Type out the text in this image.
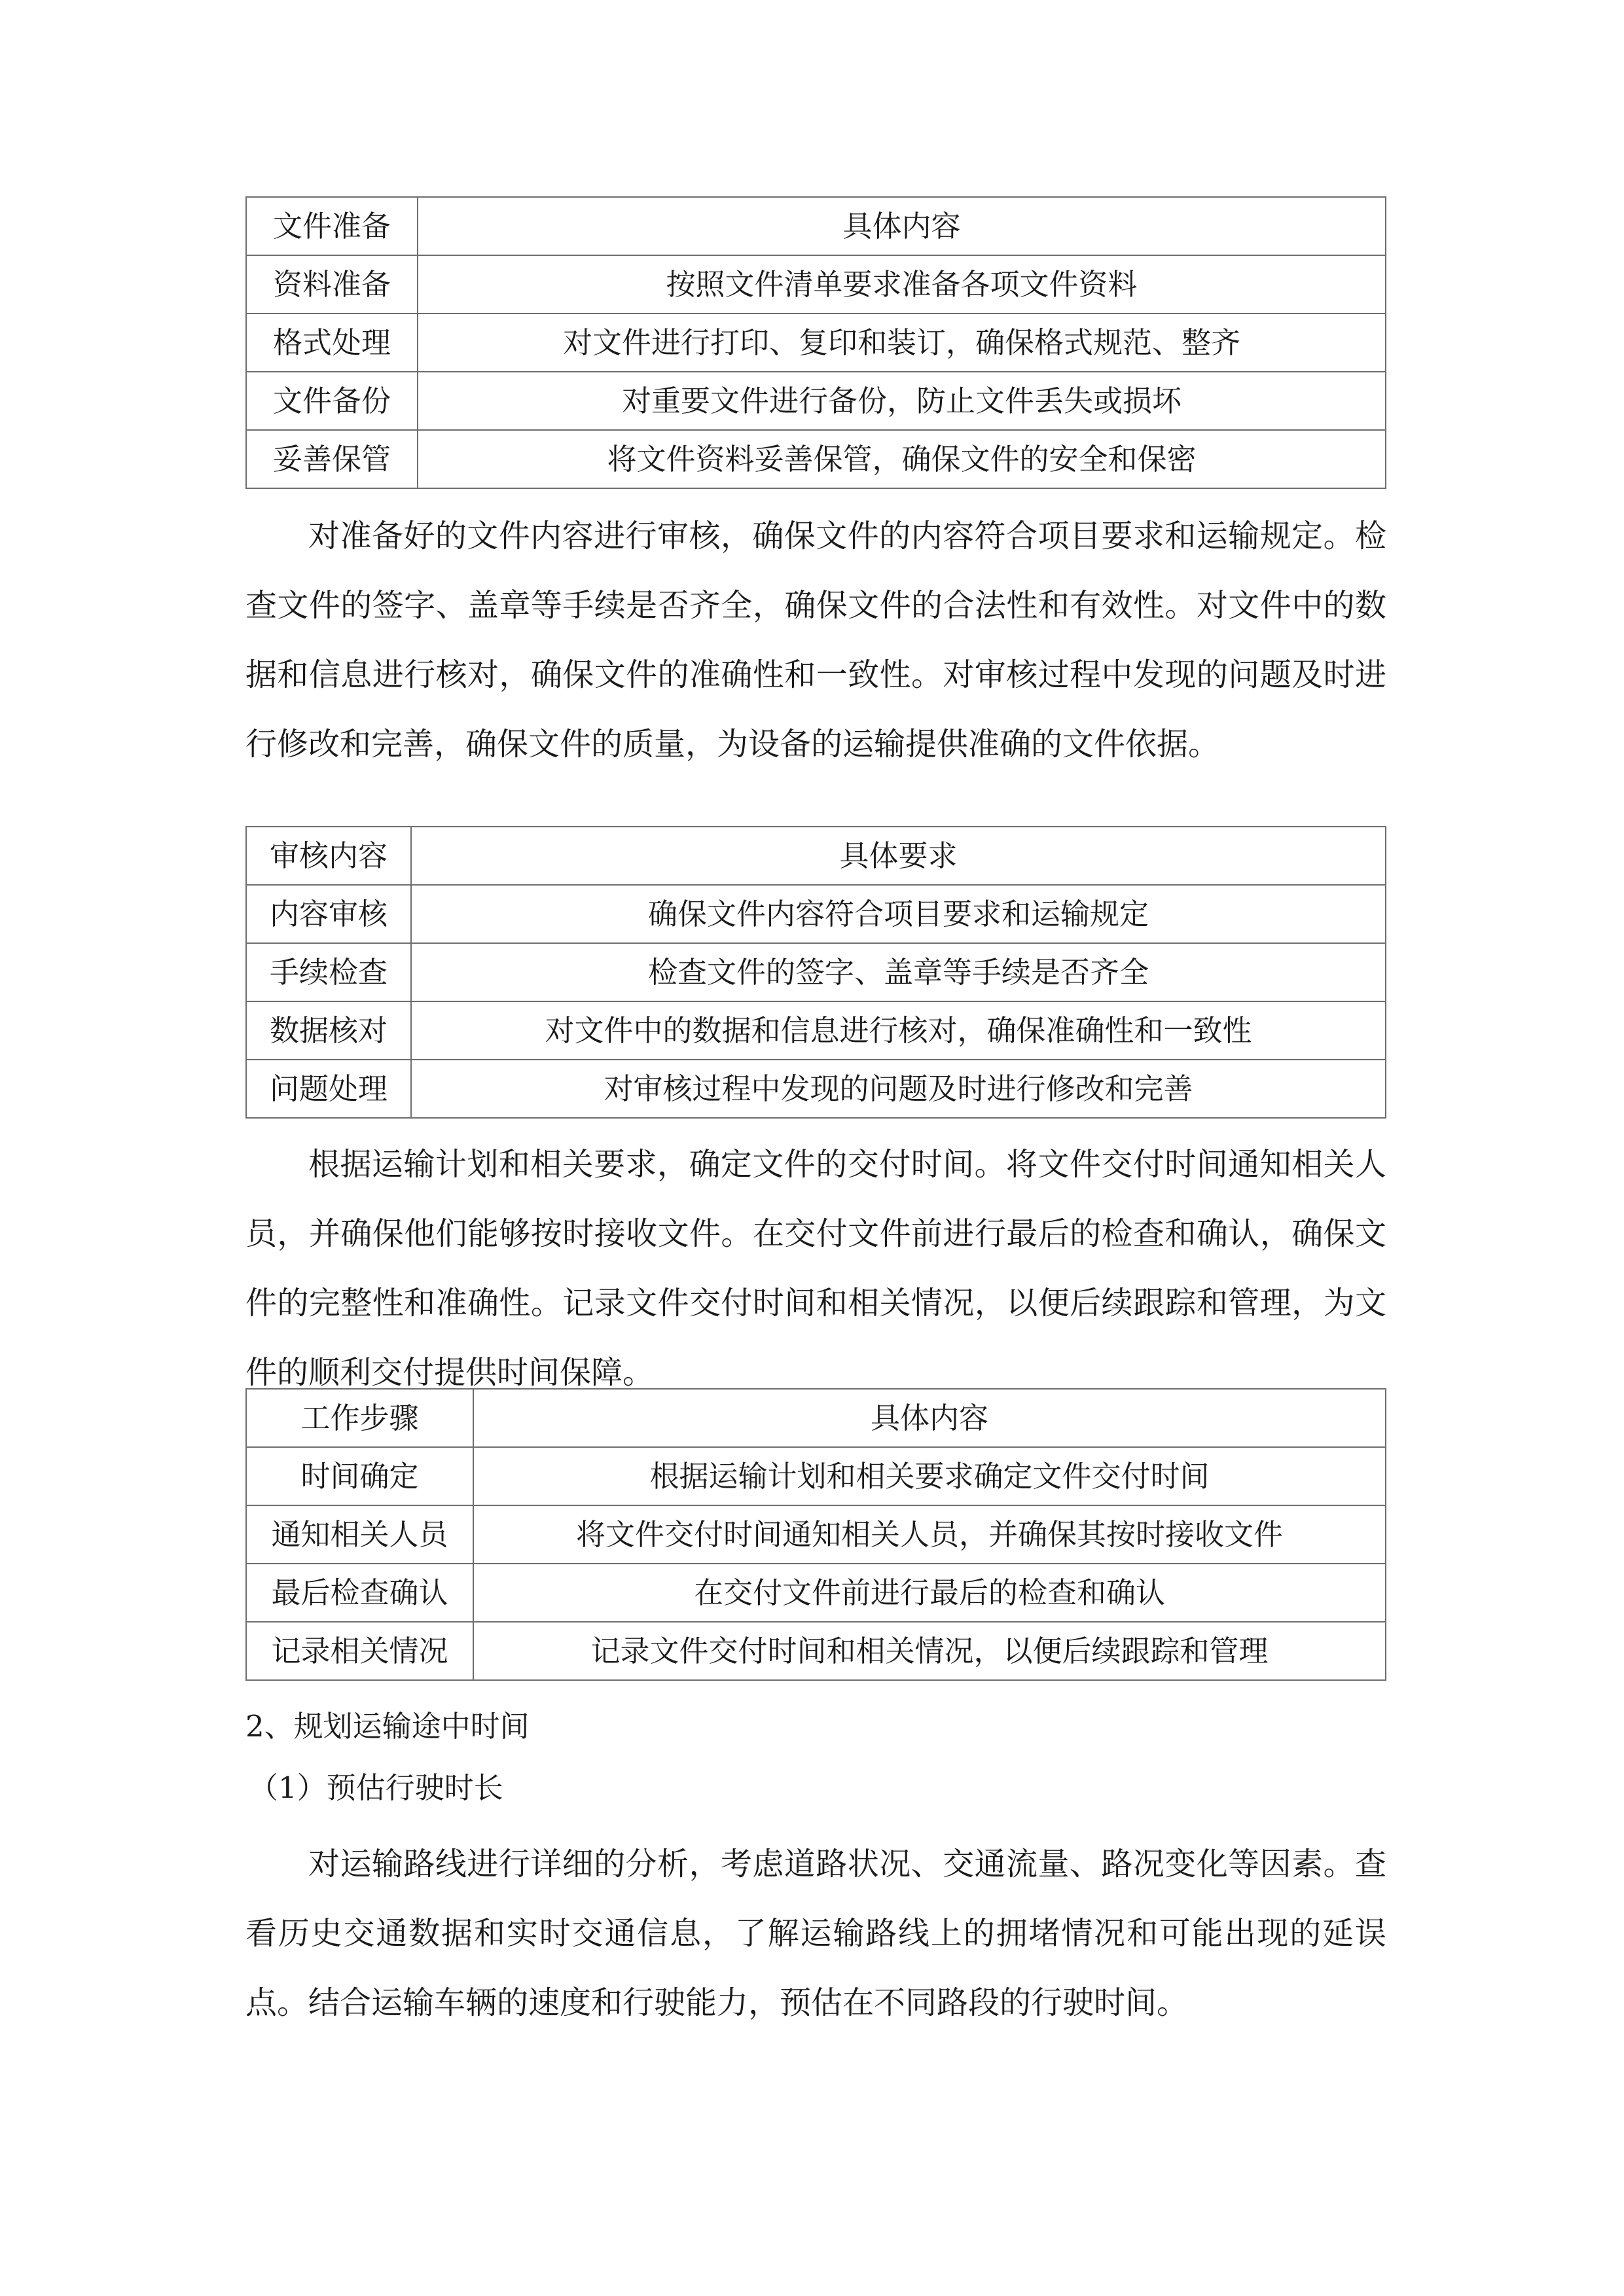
文件准备	具体内容
资料准备	按照文件清单要求准备各项文件资料
格式处理	对文件进行打印、复印和装订，确保格式规范、整齐
文件备份	对重要文件进行备份，防止文件丢失或损坏
妥善保管	将文件资料妥善保管，确保文件的安全和保密

对准备好的文件内容进行审核，确保文件的内容符合项目要求和运输规定。检查文件的签字、盖章等手续是否齐全，确保文件的合法性和有效性。对文件中的数据和信息进行核对，确保文件的准确性和一致性。对审核过程中发现的问题及时进行修改和完善，确保文件的质量，为设备的运输提供准确的文件依据。

审核内容	具体要求
内容审核	确保文件内容符合项目要求和运输规定
手续检查	检查文件的签字、盖章等手续是否齐全
数据核对	对文件中的数据和信息进行核对，确保准确性和一致性
问题处理	对审核过程中发现的问题及时进行修改和完善

根据运输计划和相关要求，确定文件的交付时间。将文件交付时间通知相关人员，并确保他们能够按时接收文件。在交付文件前进行最后的检查和确认，确保文件的完整性和准确性。记录文件交付时间和相关情况，以便后续跟踪和管理，为文件的顺利交付提供时间保障。

工作步骤	具体内容
时间确定	根据运输计划和相关要求确定文件交付时间
通知相关人员	将文件交付时间通知相关人员，并确保其按时接收文件
最后检查确认	在交付文件前进行最后的检查和确认
记录相关情况	记录文件交付时间和相关情况，以便后续跟踪和管理

2、规划运输途中时间

（1）预估行驶时长

对运输路线进行详细的分析，考虑道路状况、交通流量、路况变化等因素。查看历史交通数据和实时交通信息，了解运输路线上的拥堵情况和可能出现的延误点。结合运输车辆的速度和行驶能力，预估在不同路段的行驶时间。
